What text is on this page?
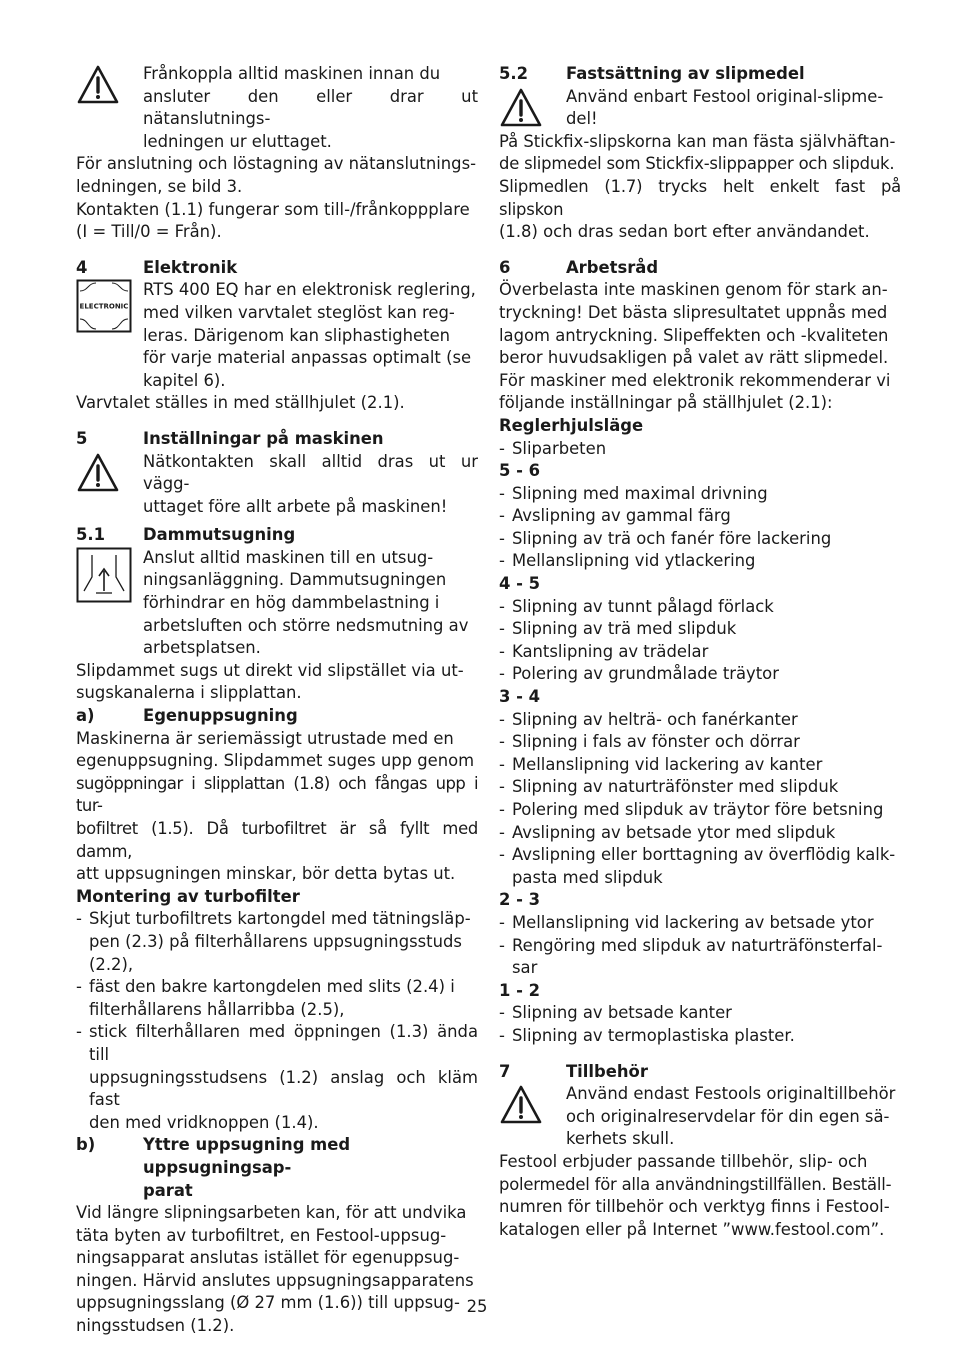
Frånkoppla alltid maskinen innan du

ansluter den eller drar ut nätanslutnings-

ledningen ur eluttaget.

För anslutning och löstagning av nätanslutnings-

ledningen, se bild 3.

Kontakten (1.1) fungerar som till-/frånkoppplare

(I = Till/0 = Från).

4	Elektronik
ELECTRONIC

RTS 400 EQ har en elektronisk reglering,

med vilken varvtalet steglöst kan reg-

leras. Därigenom kan sliphastigheten

för varje material anpassas optimalt (se

kapitel 6).

Varvtalet ställes in med ställhjulet (2.1).

5	Inställningar på maskinen

Nätkontakten skall alltid dras ut ur vägg-

uttaget före allt arbete på maskinen!

5.1	Dammutsugning

Anslut alltid maskinen till en utsug-

ningsanläggning. Dammutsugningen

förhindrar en hög dammbelastning i

arbetsluften och större nedsmutning av

arbetsplatsen.

Slipdammet sugs ut direkt vid slipstället via ut-

sugskanalerna i slipplattan.

a)	Egenuppsugning

Maskinerna är seriemässigt utrustade med en

egenuppsugning. Slipdammet suges upp genom

sugöppningar i slipplattan (1.8) och fångas upp i tur-

bofiltret (1.5). Då turbofiltret är så fyllt med damm,

att uppsugningen minskar, bör detta bytas ut.

Montering av turbofilter

- Skjut turbofiltrets kartongdel med tätningsläp-

pen (2.3) på filterhållarens uppsugningsstuds

(2.2),

- fäst den bakre kartongdelen med slits (2.4) i

filterhållarens hållarribba (2.5),

- stick filterhållaren med öppningen (1.3) ända till

uppsugningsstudsens (1.2) anslag och kläm fast

den med vridknoppen (1.4).

b)	Yttre uppsugning med uppsugningsap-
parat

Vid längre slipningsarbeten kan, för att undvika

täta byten av turbofiltret, en Festool-uppsug-

ningsapparat anslutas istället för egenuppsug-

ningen. Härvid anslutes uppsugningsapparatens

uppsugningsslang (Ø 27 mm (1.6)) till uppsug-

ningsstudsen (1.2).

5.2	Fastsättning av slipmedel

Använd enbart Festool original-slipme-

del!

På Stickfix-slipskorna kan man fästa självhäftan-

de slipmedel som Stickfix-slippapper och slipduk.

Slipmedlen (1.7) trycks helt enkelt fast på slipskon

(1.8) och dras sedan bort efter användandet.

6	Arbetsråd

Överbelasta inte maskinen genom för stark an-

tryckning! Det bästa slipresultatet uppnås med

lagom antryckning. Slipeffekten och -kvaliteten

beror huvudsakligen på valet av rätt slipmedel.

För maskiner med elektronik rekommenderar vi

följande inställningar på ställhjulet (2.1):

Reglerhjulsläge

- Sliparbeten

5 - 6

- Slipning med maximal drivning

- Avslipning av gammal färg

- Slipning av trä och fanér före lackering

- Mellanslipning vid ytlackering

4 - 5

- Slipning av tunnt pålagd förlack

- Slipning av trä med slipduk

- Kantslipning av trädelar

- Polering av grundmålade träytor

3 - 4

- Slipning av helträ- och fanérkanter

- Slipning i fals av fönster och dörrar

- Mellanslipning vid lackering av kanter

- Slipning av naturträfönster med slipduk

- Polering med slipduk av träytor före betsning

- Avslipning av betsade ytor med slipduk

- Avslipning eller borttagning av överflödig kalk-

pasta med slipduk

2 - 3

- Mellanslipning vid lackering av betsade ytor

- Rengöring med slipduk av naturträfönsterfal-

sar

1 - 2

- Slipning av betsade kanter

- Slipning av termoplastiska plaster.

7	Tillbehör

Använd endast Festools originaltillbehör

och originalreservdelar för din egen sä-

kerhets skull.

Festool erbjuder passande tillbehör, slip- och

polermedel för alla användningstillfällen. Beställ-

numren för tillbehör och verktyg finns i Festool-

katalogen eller på Internet ”www.festool.com”.

25
